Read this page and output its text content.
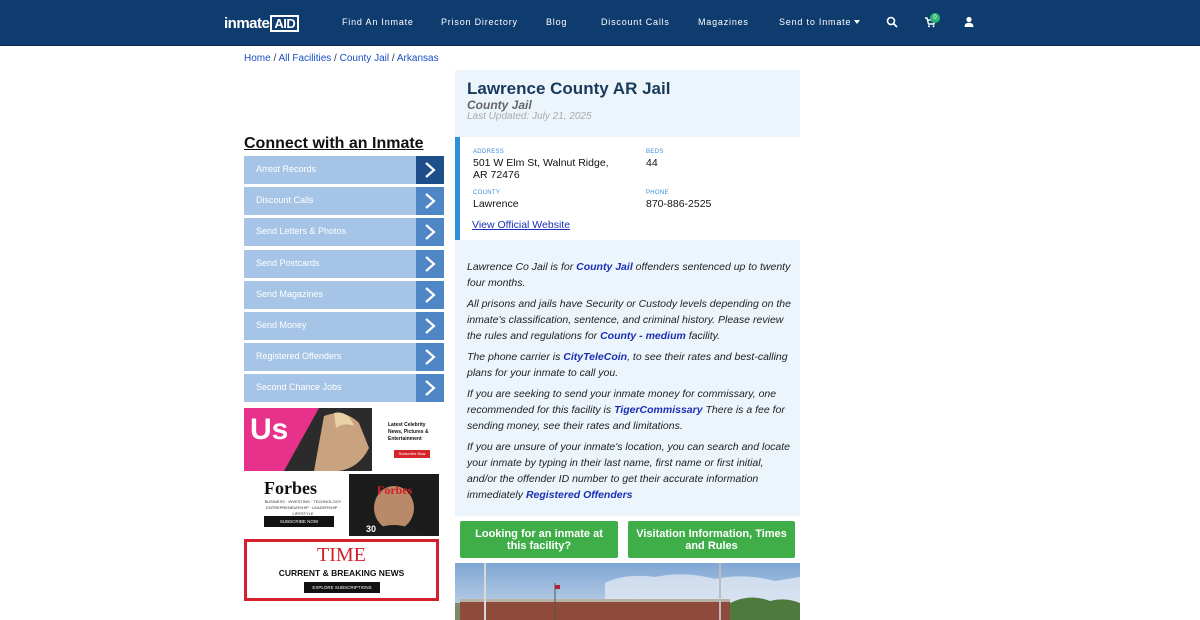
inmate AID	Find An Inmate	Prison Directory	Blog	Discount Calls	Magazines	Send to Inmate	0
Home / All Facilities / County Jail / Arkansas
Connect with an Inmate
Arrest Records
Discount Calls
Send Letters & Photos
Send Postcards
Send Magazines
Send Money
Registered Offenders
Second Chance Jobs
Us	Latest Celebrity News, Pictures & Entertainment
Subscribe Now
Forbes
BUSINESS · INVESTING · TECHNOLOGY ENTREPRENEURSHIP · LEADERSHIP · LIFESTYLE
SUBSCRIBE NOW
Forbes
30
TIME
CURRENT & BREAKING NEWS
EXPLORE SUBSCRIPTIONS
Lawrence County AR Jail
County Jail
Last Updated: July 21, 2025
ADDRESS
501 W Elm St, Walnut Ridge,
AR 72476
BEDS
44
COUNTY
Lawrence
PHONE
870-886-2525
View Official Website

Lawrence Co Jail is for County Jail offenders sentenced up to twenty four months.

All prisons and jails have Security or Custody levels depending on the inmate's classification, sentence, and criminal history. Please review the rules and regulations for County - medium facility.

The phone carrier is CityTeleCoin, to see their rates and best-calling plans for your inmate to call you.

If you are seeking to send your inmate money for commissary, one recommended for this facility is TigerCommissary There is a fee for sending money, see their rates and limitations.

If you are unsure of your inmate's location, you can search and locate your inmate by typing in their last name, first name or first initial, and/or the offender ID number to get their accurate information immediately Registered Offenders

Looking for an inmate at this facility?
Visitation Information, Times and Rules
